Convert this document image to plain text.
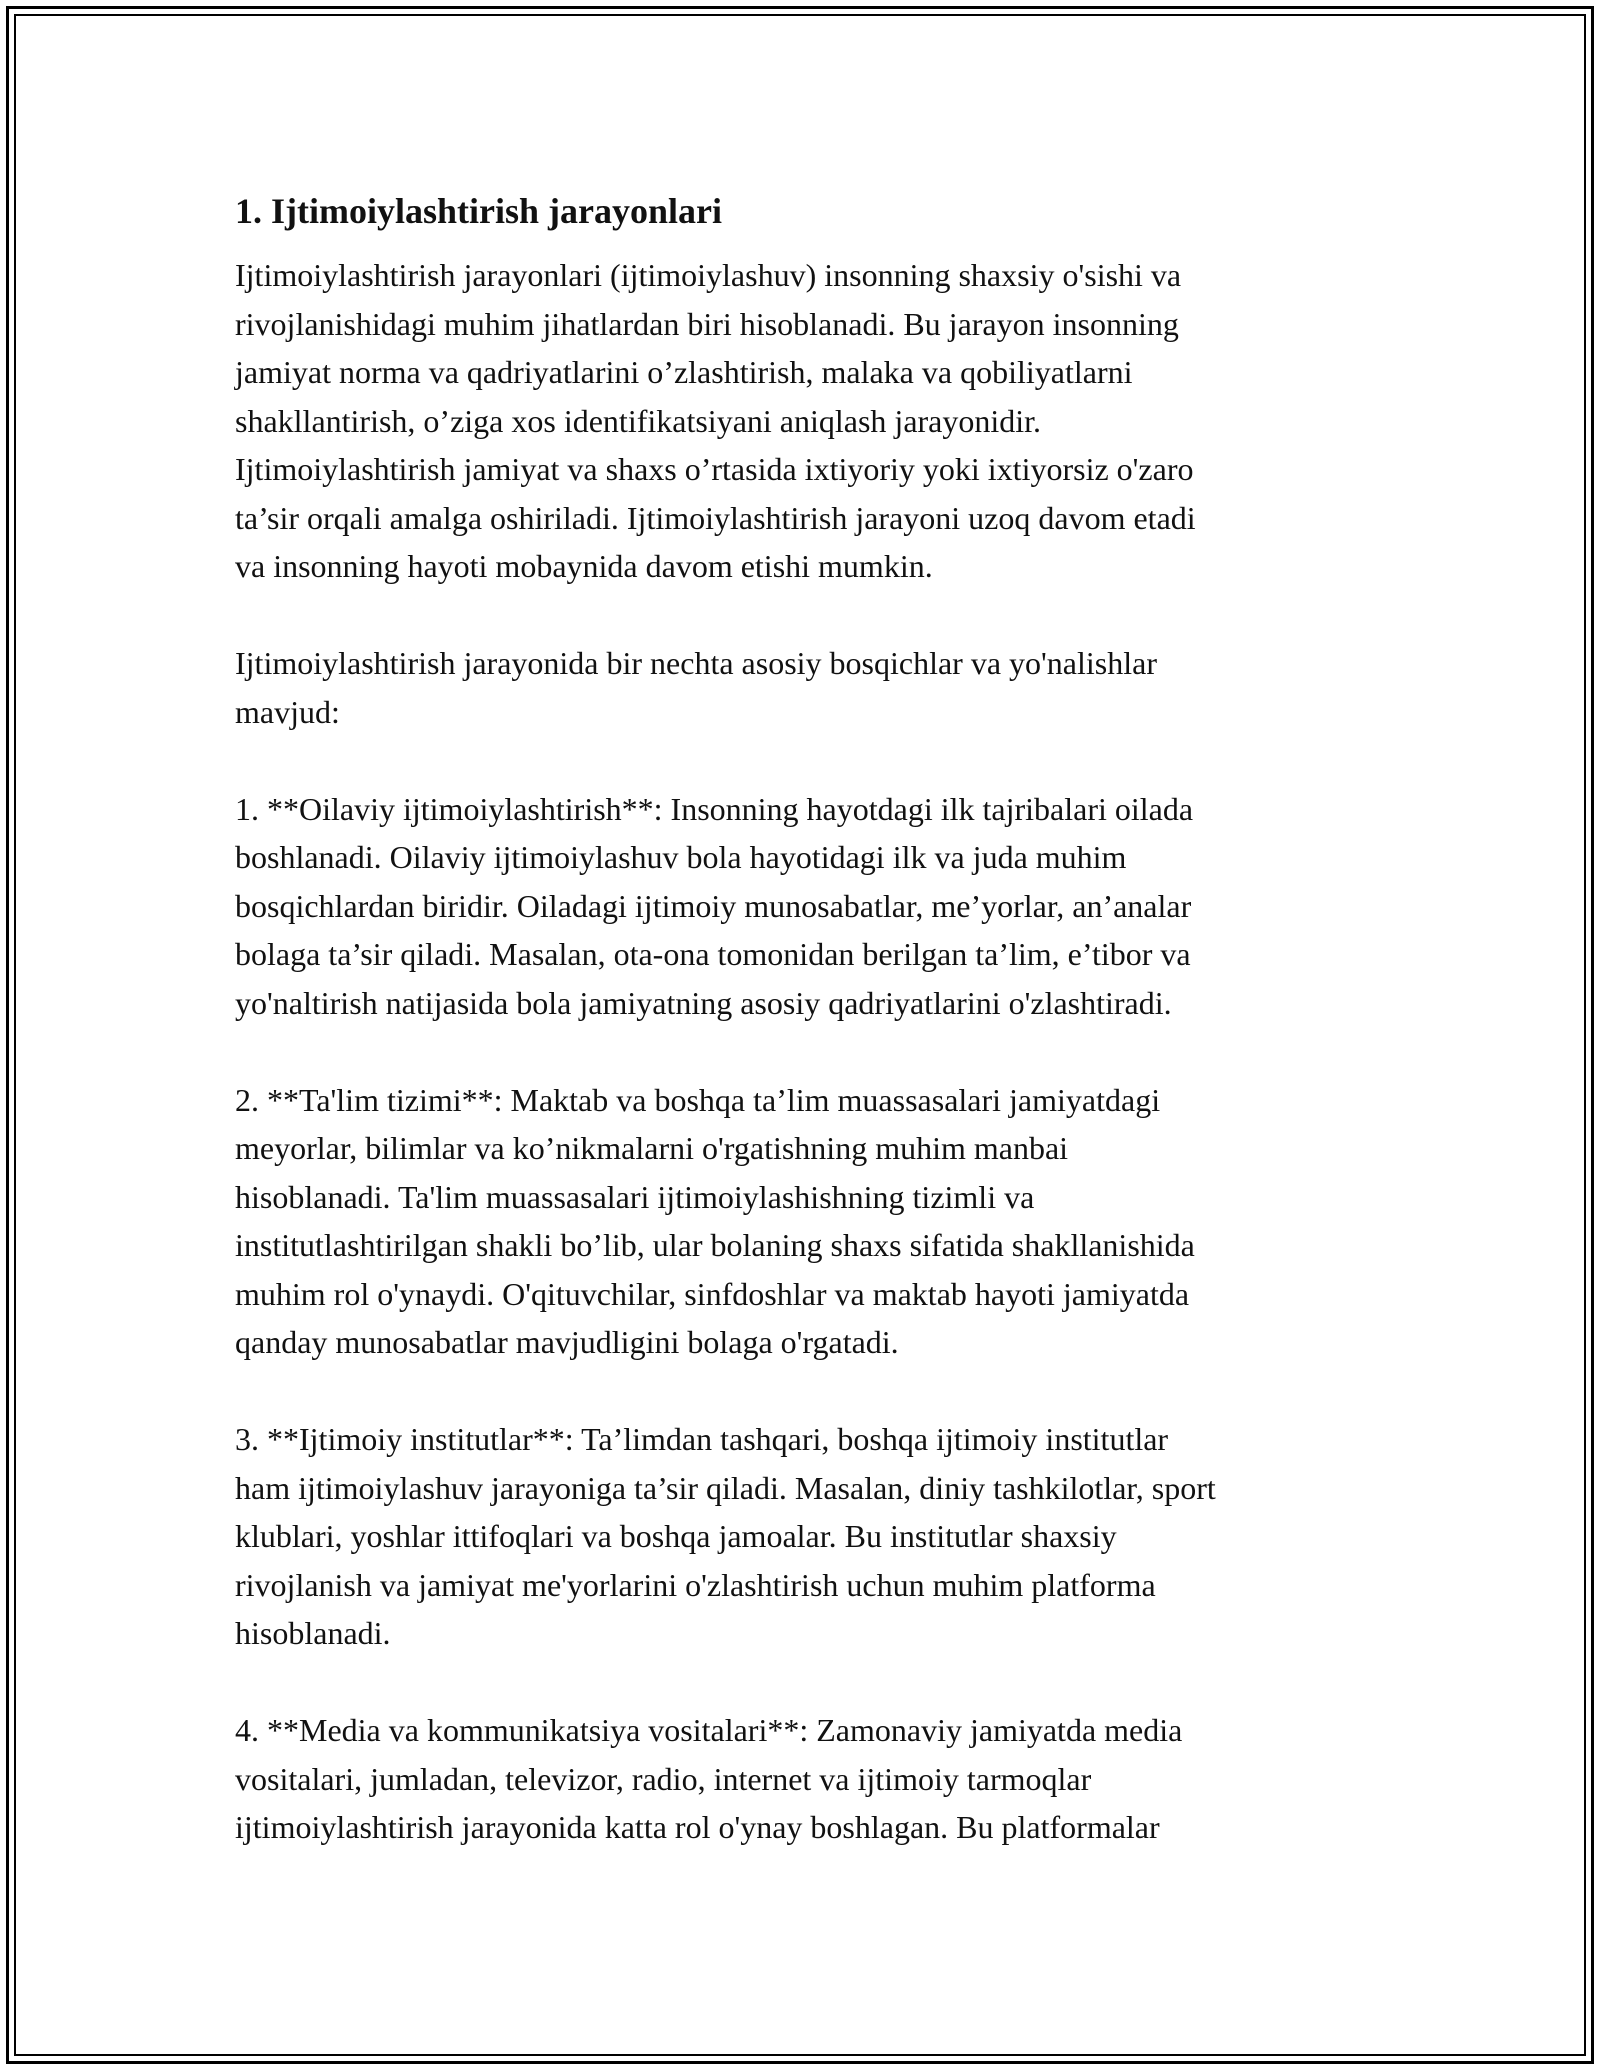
1. Ijtimoiylashtirish jarayonlari

Ijtimoiylashtirish jarayonlari (ijtimoiylashuv) insonning shaxsiy o'sishi va
rivojlanishidagi muhim jihatlardan biri hisoblanadi. Bu jarayon insonning
jamiyat norma va qadriyatlarini o’zlashtirish, malaka va qobiliyatlarni
shakllantirish, o’ziga xos identifikatsiyani aniqlash jarayonidir.
Ijtimoiylashtirish jamiyat va shaxs o’rtasida ixtiyoriy yoki ixtiyorsiz o'zaro
ta’sir orqali amalga oshiriladi. Ijtimoiylashtirish jarayoni uzoq davom etadi
va insonning hayoti mobaynida davom etishi mumkin.

Ijtimoiylashtirish jarayonida bir nechta asosiy bosqichlar va yo'nalishlar
mavjud:

1. **Oilaviy ijtimoiylashtirish**: Insonning hayotdagi ilk tajribalari oilada
boshlanadi. Oilaviy ijtimoiylashuv bola hayotidagi ilk va juda muhim
bosqichlardan biridir. Oiladagi ijtimoiy munosabatlar, me’yorlar, an’analar
bolaga ta’sir qiladi. Masalan, ota-ona tomonidan berilgan ta’lim, e’tibor va
yo'naltirish natijasida bola jamiyatning asosiy qadriyatlarini o'zlashtiradi.

2. **Ta'lim tizimi**: Maktab va boshqa ta’lim muassasalari jamiyatdagi
meyorlar, bilimlar va ko’nikmalarni o'rgatishning muhim manbai
hisoblanadi. Ta'lim muassasalari ijtimoiylashishning tizimli va
institutlashtirilgan shakli bo’lib, ular bolaning shaxs sifatida shakllanishida
muhim rol o'ynaydi. O'qituvchilar, sinfdoshlar va maktab hayoti jamiyatda
qanday munosabatlar mavjudligini bolaga o'rgatadi.

3. **Ijtimoiy institutlar**: Ta’limdan tashqari, boshqa ijtimoiy institutlar
ham ijtimoiylashuv jarayoniga ta’sir qiladi. Masalan, diniy tashkilotlar, sport
klublari, yoshlar ittifoqlari va boshqa jamoalar. Bu institutlar shaxsiy
rivojlanish va jamiyat me'yorlarini o'zlashtirish uchun muhim platforma
hisoblanadi.

4. **Media va kommunikatsiya vositalari**: Zamonaviy jamiyatda media
vositalari, jumladan, televizor, radio, internet va ijtimoiy tarmoqlar
ijtimoiylashtirish jarayonida katta rol o'ynay boshlagan. Bu platformalar
